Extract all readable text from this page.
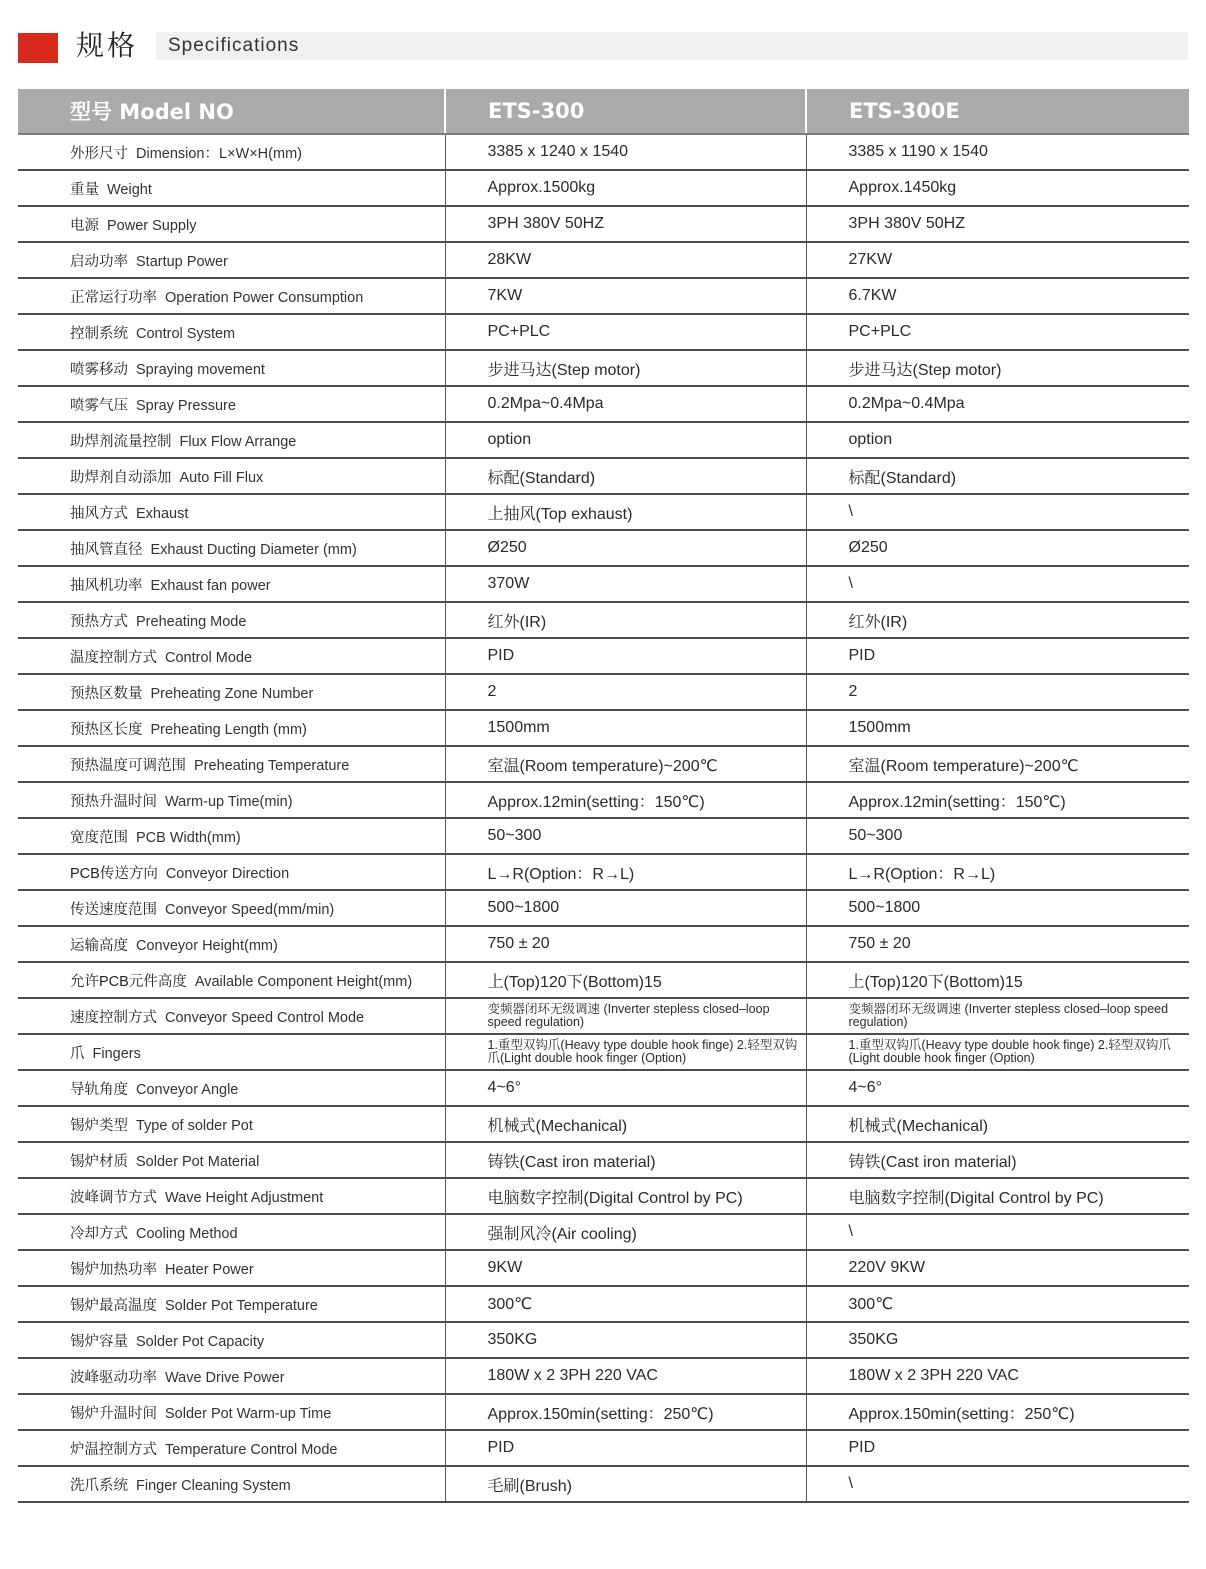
规格 Specifications
型号 Model NO	ETS-300	ETS-300E
外形尺寸 Dimension：L×W×H(mm)	3385 x 1240 x 1540	3385 x 1190 x 1540
重量 Weight	Approx.1500kg	Approx.1450kg
电源 Power Supply	3PH 380V 50HZ	3PH 380V 50HZ
启动功率 Startup Power	28KW	27KW
正常运行功率 Operation Power Consumption	7KW	6.7KW
控制系统 Control System	PC+PLC	PC+PLC
喷雾移动 Spraying movement	步进马达(Step motor)	步进马达(Step motor)
喷雾气压 Spray Pressure	0.2Mpa~0.4Mpa	0.2Mpa~0.4Mpa
助焊剂流量控制 Flux Flow Arrange	option	option
助焊剂自动添加 Auto Fill Flux	标配(Standard)	标配(Standard)
抽风方式 Exhaust	上抽风(Top exhaust)	\
抽风管直径 Exhaust Ducting Diameter (mm)	Ø250	Ø250
抽风机功率 Exhaust fan power	370W	\
预热方式 Preheating Mode	红外(IR)	红外(IR)
温度控制方式 Control Mode	PID	PID
预热区数量 Preheating Zone Number	2	2
预热区长度 Preheating Length (mm)	1500mm	1500mm
预热温度可调范围 Preheating Temperature	室温(Room temperature)~200℃	室温(Room temperature)~200℃
预热升温时间 Warm-up Time(min)	Approx.12min(setting：150℃)	Approx.12min(setting：150℃)
宽度范围 PCB Width(mm)	50~300	50~300
PCB传送方向 Conveyor Direction	L→R(Option：R→L)	L→R(Option：R→L)
传送速度范围 Conveyor Speed(mm/min)	500~1800	500~1800
运输高度 Conveyor Height(mm)	750 ± 20	750 ± 20
允许PCB元件高度 Available Component Height(mm)	上(Top)120下(Bottom)15	上(Top)120下(Bottom)15
速度控制方式 Conveyor Speed Control Mode	变频器闭环无级调速 (Inverter stepless closed–loop speed regulation)	变频器闭环无级调速 (Inverter stepless closed–loop speed regulation)
爪 Fingers	1.重型双钩爪(Heavy type double hook finge) 2.轻型双钩爪(Light double hook finger (Option)	1.重型双钩爪(Heavy type double hook finge) 2.轻型双钩爪(Light double hook finger (Option)
导轨角度 Conveyor Angle	4~6°	4~6°
锡炉类型 Type of solder Pot	机械式(Mechanical)	机械式(Mechanical)
锡炉材质 Solder Pot Material	铸铁(Cast iron material)	铸铁(Cast iron material)
波峰调节方式 Wave Height Adjustment	电脑数字控制(Digital Control by PC)	电脑数字控制(Digital Control by PC)
冷却方式 Cooling Method	强制风冷(Air cooling)	\
锡炉加热功率 Heater Power	9KW	220V 9KW
锡炉最高温度 Solder Pot Temperature	300℃	300℃
锡炉容量 Solder Pot Capacity	350KG	350KG
波峰驱动功率 Wave Drive Power	180W x 2 3PH 220 VAC	180W x 2 3PH 220 VAC
锡炉升温时间 Solder Pot Warm-up Time	Approx.150min(setting：250℃)	Approx.150min(setting：250℃)
炉温控制方式 Temperature Control Mode	PID	PID
洗爪系统 Finger Cleaning System	毛刷(Brush)	\
